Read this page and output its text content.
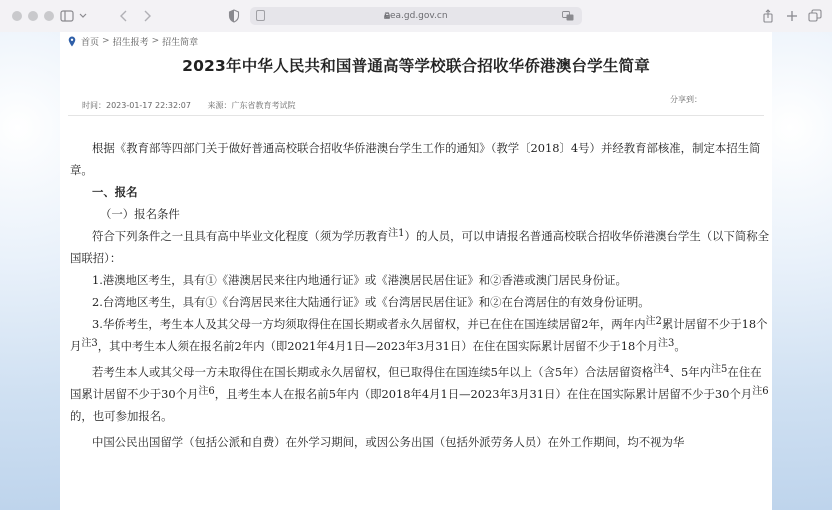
eea.gd.gov.cn
首页 > 招生报考 > 招生简章
2023年中华人民共和国普通高等学校联合招收华侨港澳台学生简章
时间：2023-01-17 22:32:07 来源：广东省教育考试院
分享到：

根据《教育部等四部门关于做好普通高校联合招收华侨港澳台学生工作的通知》（教学〔2018〕4号）并经教育部核准，制定本招生简章。

一、报名

（一）报名条件

符合下列条件之一且具有高中毕业文化程度（须为学历教育$^{注1}$）的人员，可以申请报名普通高校联合招收华侨港澳台学生（以下简称全国联招）：

1.港澳地区考生，具有①《港澳居民来往内地通行证》或《港澳居民居住证》和②香港或澳门居民身份证。

2.台湾地区考生，具有①《台湾居民来往大陆通行证》或《台湾居民居住证》和②在台湾居住的有效身份证明。

3.华侨考生，考生本人及其父母一方均须取得住在国长期或者永久居留权，并已在住在国连续居留2年，两年内$^{注2}$累计居留不少于18个月$^{注3}$，其中考生本人须在报名前2年内（即2021年4月1日—2023年3月31日）在住在国实际累计居留不少于18个月$^{注3}$。

若考生本人或其父母一方未取得住在国长期或永久居留权，但已取得住在国连续5年以上（含5年）合法居留资格$^{注4}$、5年内$^{注5}$在住在国累计居留不少于30个月$^{注6}$，且考生本人在报名前5年内（即2018年4月1日—2023年3月31日）在住在国实际累计居留不少于30个月$^{注6}$的，也可参加报名。

中国公民出国留学（包括公派和自费）在外学习期间，或因公务出国（包括外派劳务人员）在外工作期间，均不视为华
